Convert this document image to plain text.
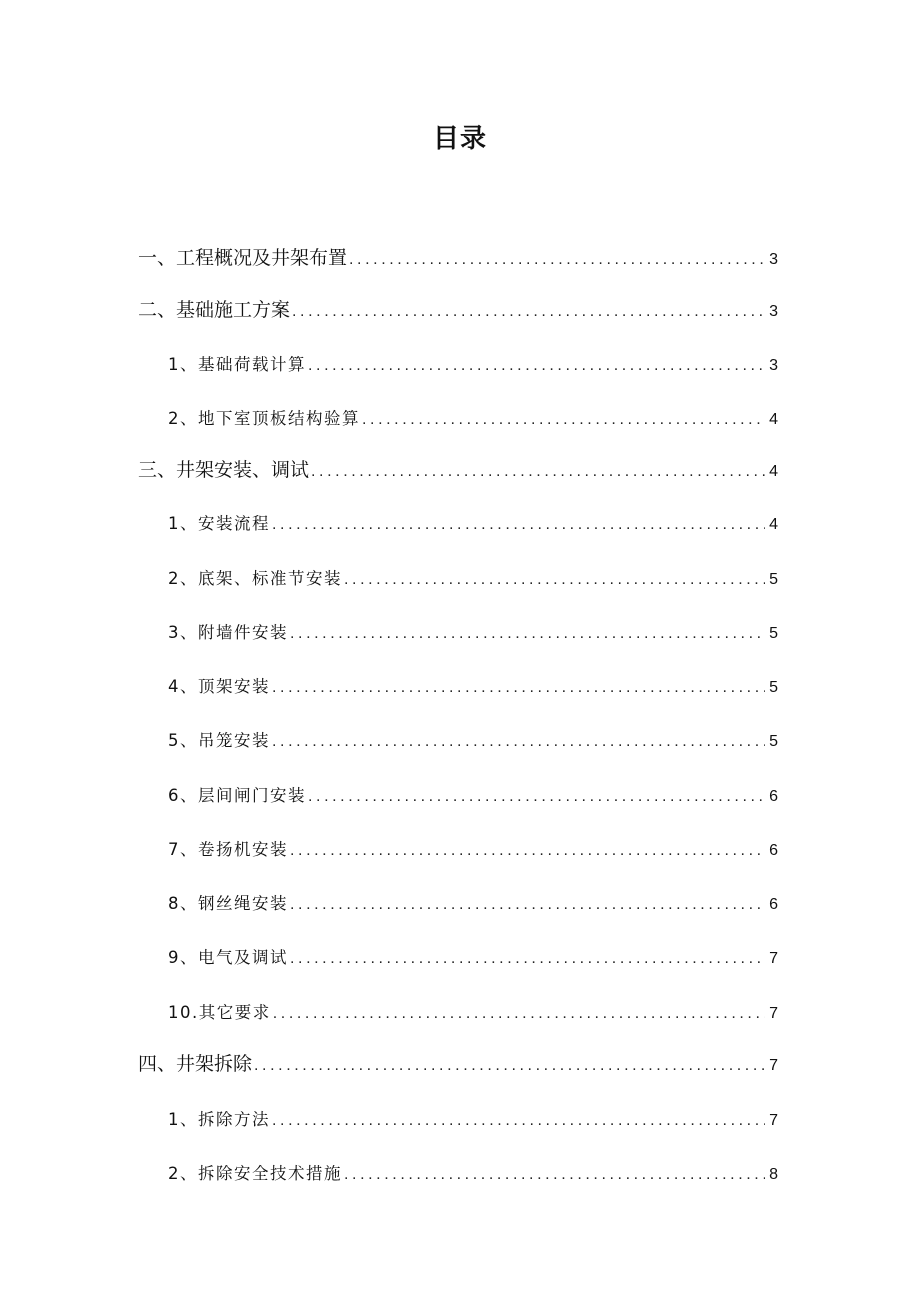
目录
一、工程概况及井架布置 .....	3
二、基础施工方案 .....	3
1、基础荷载计算 .....	3
2、地下室顶板结构验算 .....	4
三、井架安装、调试 .....	4
1、安装流程 .....	4
2、底架、标准节安装 .....	5
3、附墙件安装 .....	5
4、顶架安装 .....	5
5、吊笼安装 .....	5
6、层间闸门安装 .....	6
7、卷扬机安装 .....	6
8、钢丝绳安装 .....	6
9、电气及调试 .....	7
10.其它要求 .....	7
四、井架拆除 .....	7
1、拆除方法 .....	7
2、拆除安全技术措施 .....	8
